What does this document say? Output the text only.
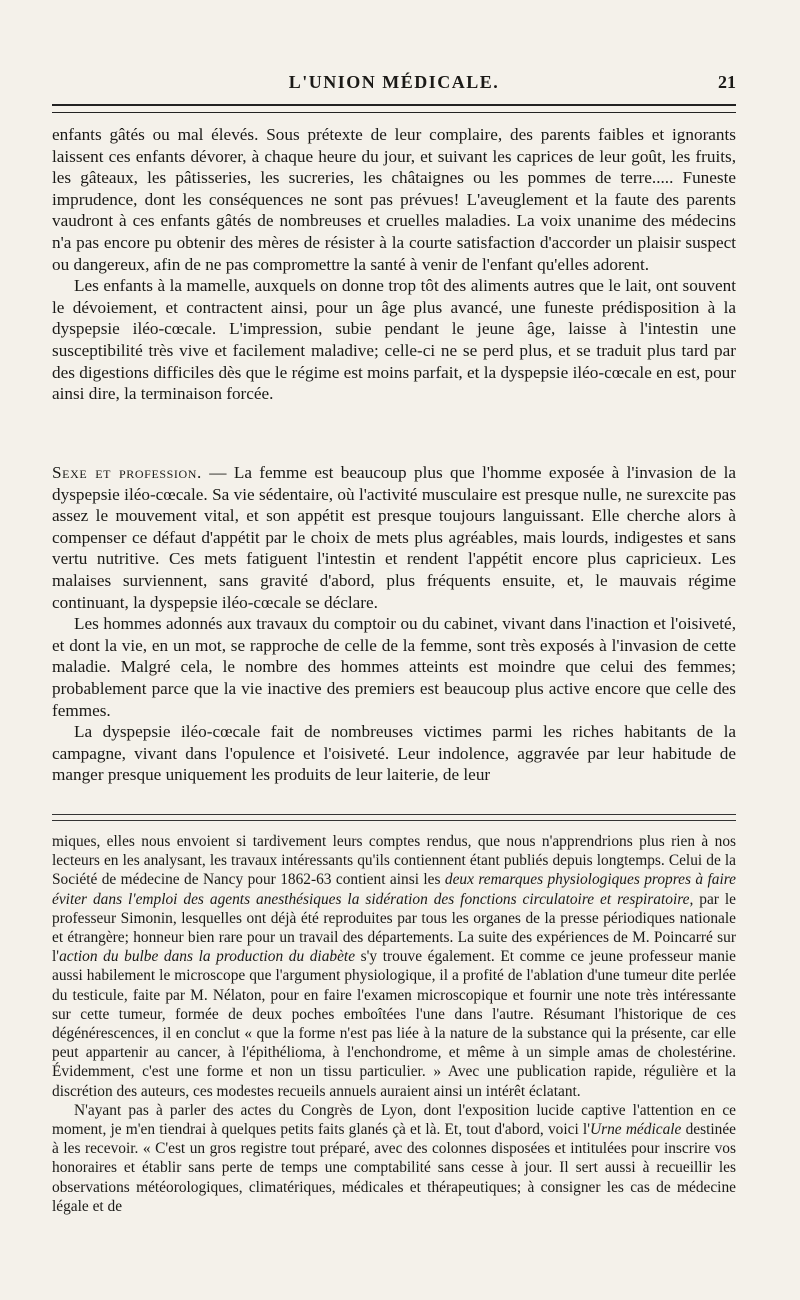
L'UNION MÉDICALE.	21

enfants gâtés ou mal élevés. Sous prétexte de leur complaire, des parents faibles et ignorants laissent ces enfants dévorer, à chaque heure du jour, et suivant les caprices de leur goût, les fruits, les gâteaux, les pâtisseries, les sucreries, les châtaignes ou les pommes de terre..... Funeste imprudence, dont les conséquences ne sont pas prévues! L'aveuglement et la faute des parents vaudront à ces enfants gâtés de nombreuses et cruelles maladies. La voix unanime des médecins n'a pas encore pu obtenir des mères de résister à la courte satisfaction d'accorder un plaisir suspect ou dangereux, afin de ne pas compromettre la santé à venir de l'enfant qu'elles adorent.

Les enfants à la mamelle, auxquels on donne trop tôt des aliments autres que le lait, ont souvent le dévoiement, et contractent ainsi, pour un âge plus avancé, une funeste prédisposition à la dyspepsie iléo-cœcale. L'impression, subie pendant le jeune âge, laisse à l'intestin une susceptibilité très vive et facilement maladive; celle-ci ne se perd plus, et se traduit plus tard par des digestions difficiles dès que le régime est moins parfait, et la dyspepsie iléo-cœcale en est, pour ainsi dire, la terminaison forcée.

Sexe et profession. — La femme est beaucoup plus que l'homme exposée à l'invasion de la dyspepsie iléo-cœcale. Sa vie sédentaire, où l'activité musculaire est presque nulle, ne surexcite pas assez le mouvement vital, et son appétit est presque toujours languissant. Elle cherche alors à compenser ce défaut d'appétit par le choix de mets plus agréables, mais lourds, indigestes et sans vertu nutritive. Ces mets fatiguent l'intestin et rendent l'appétit encore plus capricieux. Les malaises surviennent, sans gravité d'abord, plus fréquents ensuite, et, le mauvais régime continuant, la dyspepsie iléo-cœcale se déclare.

Les hommes adonnés aux travaux du comptoir ou du cabinet, vivant dans l'inaction et l'oisiveté, et dont la vie, en un mot, se rapproche de celle de la femme, sont très exposés à l'invasion de cette maladie. Malgré cela, le nombre des hommes atteints est moindre que celui des femmes; probablement parce que la vie inactive des premiers est beaucoup plus active encore que celle des femmes.

La dyspepsie iléo-cœcale fait de nombreuses victimes parmi les riches habitants de la campagne, vivant dans l'opulence et l'oisiveté. Leur indolence, aggravée par leur habitude de manger presque uniquement les produits de leur laiterie, de leur

miques, elles nous envoient si tardivement leurs comptes rendus, que nous n'apprendrions plus rien à nos lecteurs en les analysant, les travaux intéressants qu'ils contiennent étant publiés depuis longtemps. Celui de la Société de médecine de Nancy pour 1862-63 contient ainsi les deux remarques physiologiques propres à faire éviter dans l'emploi des agents anesthésiques la sidération des fonctions circulatoire et respiratoire, par le professeur Simonin, lesquelles ont déjà été reproduites par tous les organes de la presse périodiques nationale et étrangère; honneur bien rare pour un travail des départements. La suite des expériences de M. Poincarré sur l'action du bulbe dans la production du diabète s'y trouve également. Et comme ce jeune professeur manie aussi habilement le microscope que l'argument physiologique, il a profité de l'ablation d'une tumeur dite perlée du testicule, faite par M. Nélaton, pour en faire l'examen microscopique et fournir une note très intéressante sur cette tumeur, formée de deux poches emboîtées l'une dans l'autre. Résumant l'historique de ces dégénérescences, il en conclut « que la forme n'est pas liée à la nature de la substance qui la présente, car elle peut appartenir au cancer, à l'épithélioma, à l'enchondrome, et même à un simple amas de cholestérine. Évidemment, c'est une forme et non un tissu particulier. » Avec une publication rapide, régulière et la discrétion des auteurs, ces modestes recueils annuels auraient ainsi un intérêt éclatant.

N'ayant pas à parler des actes du Congrès de Lyon, dont l'exposition lucide captive l'attention en ce moment, je m'en tiendrai à quelques petits faits glanés çà et là. Et, tout d'abord, voici l'Urne médicale destinée à les recevoir. « C'est un gros registre tout préparé, avec des colonnes disposées et intitulées pour inscrire vos honoraires et établir sans perte de temps une comptabilité sans cesse à jour. Il sert aussi à recueillir les observations météorologiques, climatériques, médicales et thérapeutiques; à consigner les cas de médecine légale et de
